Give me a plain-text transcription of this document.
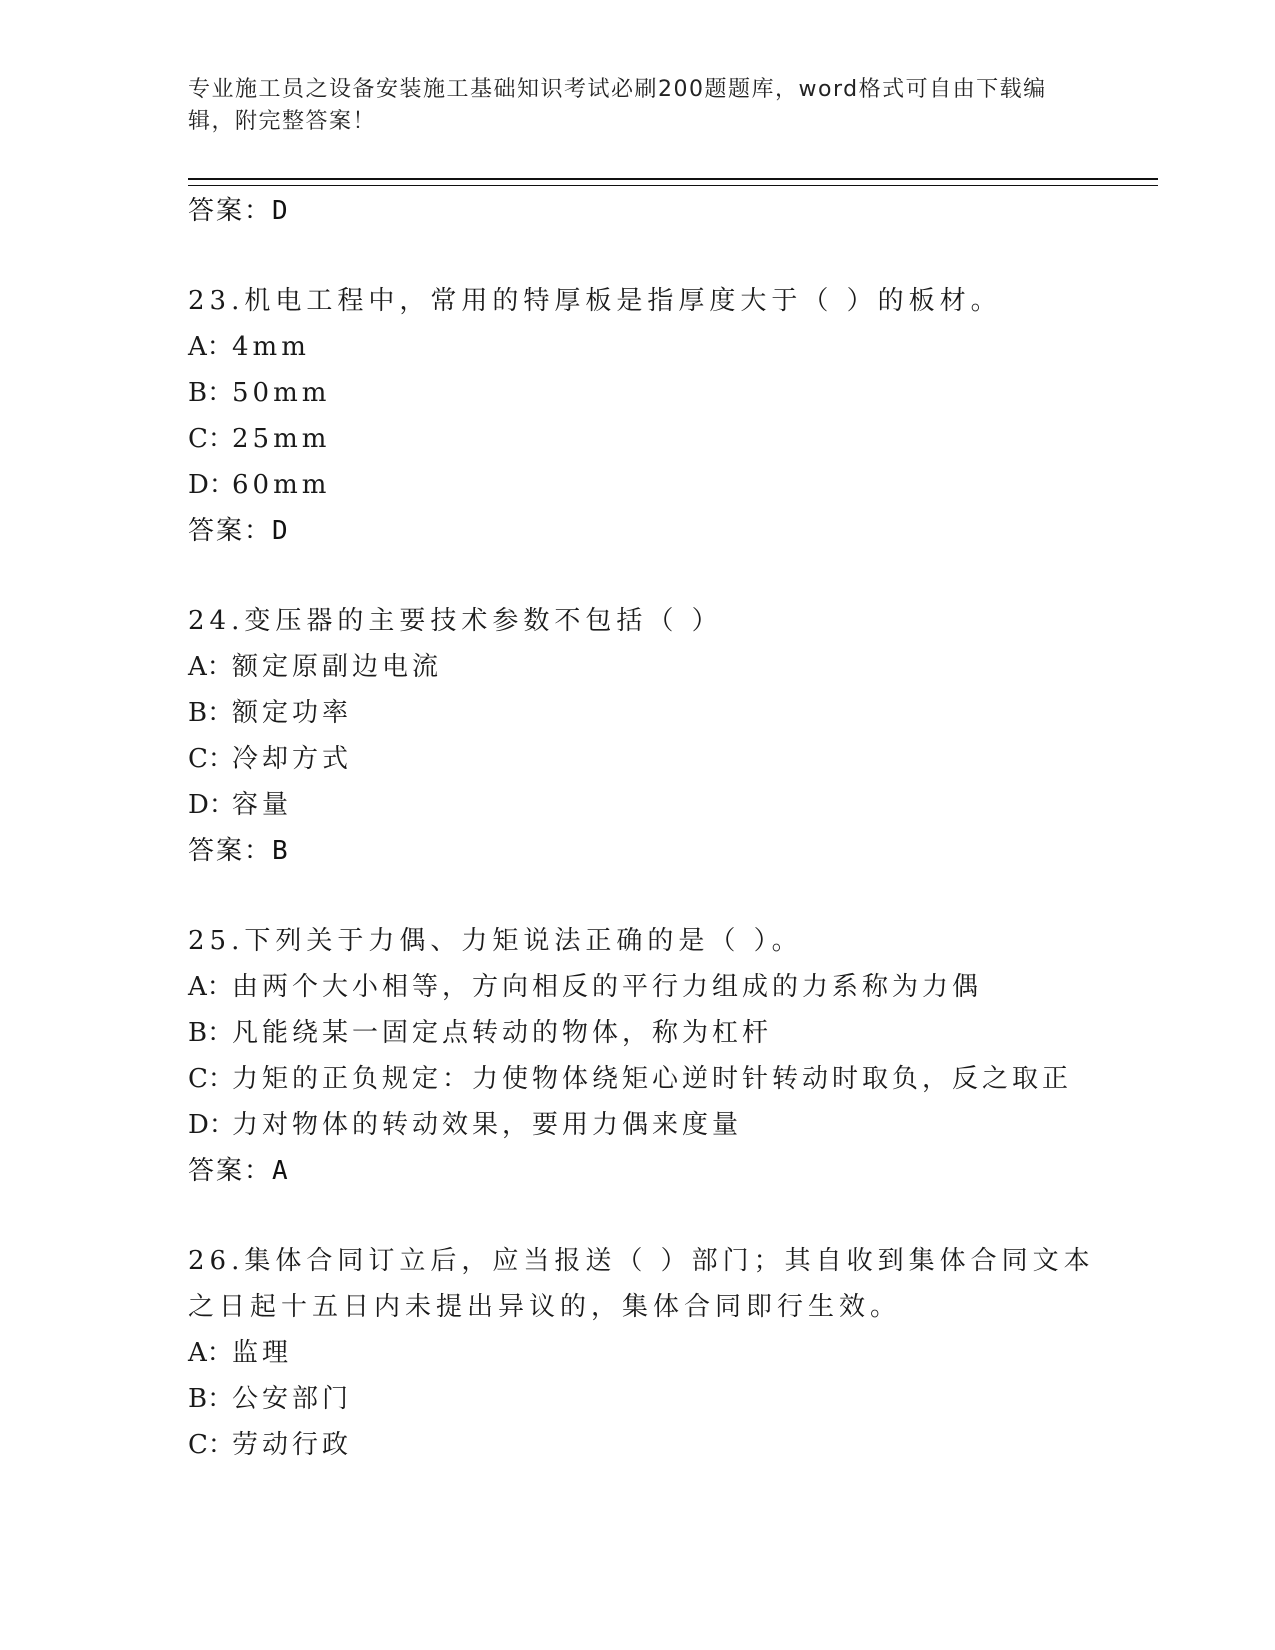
专业施工员之设备安装施工基础知识考试必刷200题题库，word格式可自由下载编辑，附完整答案！
答案：D
23.机电工程中，常用的特厚板是指厚度大于（ ）的板材。
A：4mm
B：50mm
C：25mm
D：60mm
答案：D
24.变压器的主要技术参数不包括（ ）
A：额定原副边电流
B：额定功率
C：冷却方式
D：容量
答案：B
25.下列关于力偶、力矩说法正确的是（ ）。
A：由两个大小相等，方向相反的平行力组成的力系称为力偶
B：凡能绕某一固定点转动的物体，称为杠杆
C：力矩的正负规定：力使物体绕矩心逆时针转动时取负，反之取正
D：力对物体的转动效果，要用力偶来度量
答案：A
26.集体合同订立后，应当报送（ ）部门；其自收到集体合同文本之日起十五日内未提出异议的，集体合同即行生效。
A：监理
B：公安部门
C：劳动行政
